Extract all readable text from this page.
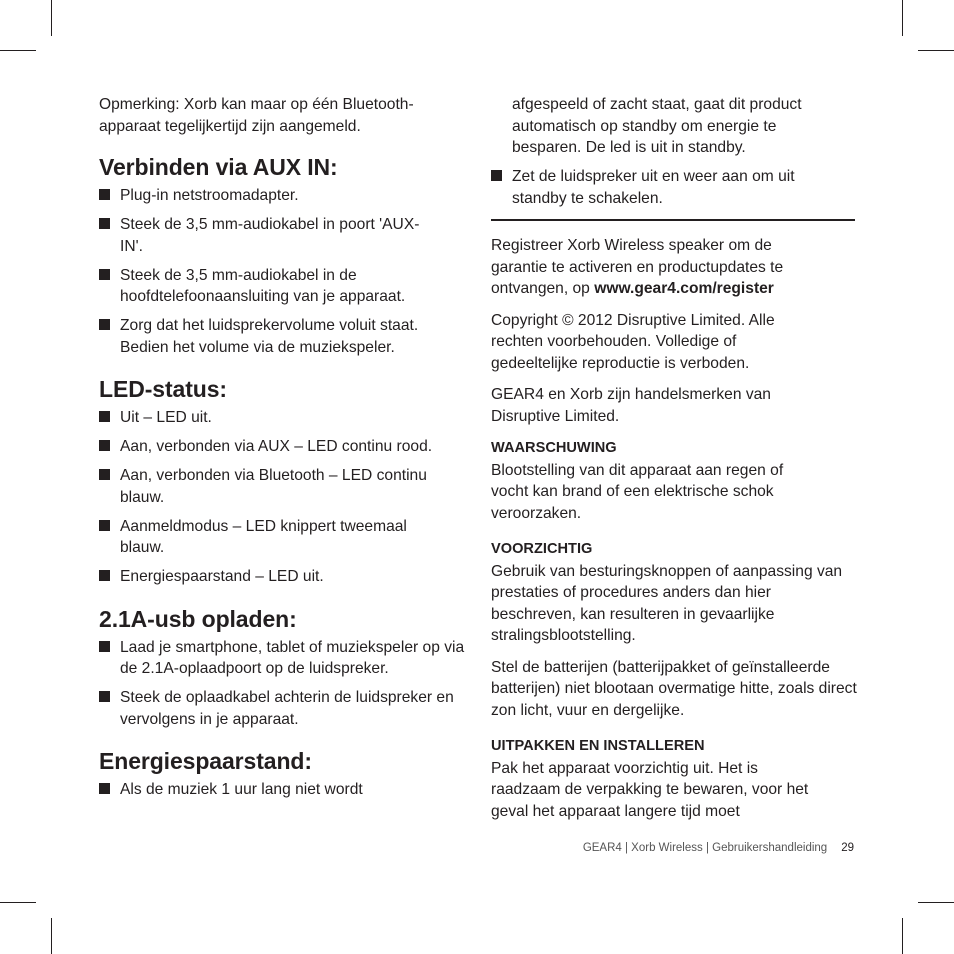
Opmerking: Xorb kan maar op één Bluetooth-apparaat tegelijkertijd zijn aangemeld.

Verbinden via AUX IN:
Plug-in netstroomadapter.
Steek de 3,5 mm-audiokabel in poort 'AUX-IN'.
Steek de 3,5 mm-audiokabel in de hoofdtelefoonaansluiting van je apparaat.
Zorg dat het luidsprekervolume voluit staat. Bedien het volume via de muziekspeler.
LED-status:
Uit – LED uit.
Aan, verbonden via AUX – LED continu rood.
Aan, verbonden via Bluetooth – LED continu blauw.
Aanmeldmodus – LED knippert tweemaal blauw.
Energiespaarstand – LED uit.
2.1A-usb opladen:
Laad je smartphone, tablet of muziekspeler op via de 2.1A-oplaadpoort op de luidspreker.
Steek de oplaadkabel achterin de luidspreker en vervolgens in je apparaat.
Energiespaarstand:
Als de muziek 1 uur lang niet wordt
afgespeeld of zacht staat, gaat dit product automatisch op standby om energie te besparen. De led is uit in standby.
Zet de luidspreker uit en weer aan om uit standby te schakelen.

Registreer Xorb Wireless speaker om de garantie te activeren en productupdates te ontvangen, op www.gear4.com/register

Copyright © 2012 Disruptive Limited. Alle rechten voorbehouden. Volledige of gedeeltelijke reproductie is verboden.

GEAR4 en Xorb zijn handelsmerken van Disruptive Limited.

WAARSCHUWING

Blootstelling van dit apparaat aan regen of vocht kan brand of een elektrische schok veroorzaken.

VOORZICHTIG

Gebruik van besturingsknoppen of aanpassing van prestaties of procedures anders dan hier beschreven, kan resulteren in gevaarlijke stralingsblootstelling.

Stel de batterijen (batterijpakket of geïnstalleerde batterijen) niet blootaan overmatige hitte, zoals direct zon licht, vuur en dergelijke.

UITPAKKEN EN INSTALLEREN

Pak het apparaat voorzichtig uit. Het is raadzaam de verpakking te bewaren, voor het geval het apparaat langere tijd moet

GEAR4 | Xorb Wireless | Gebruikershandleiding 29
